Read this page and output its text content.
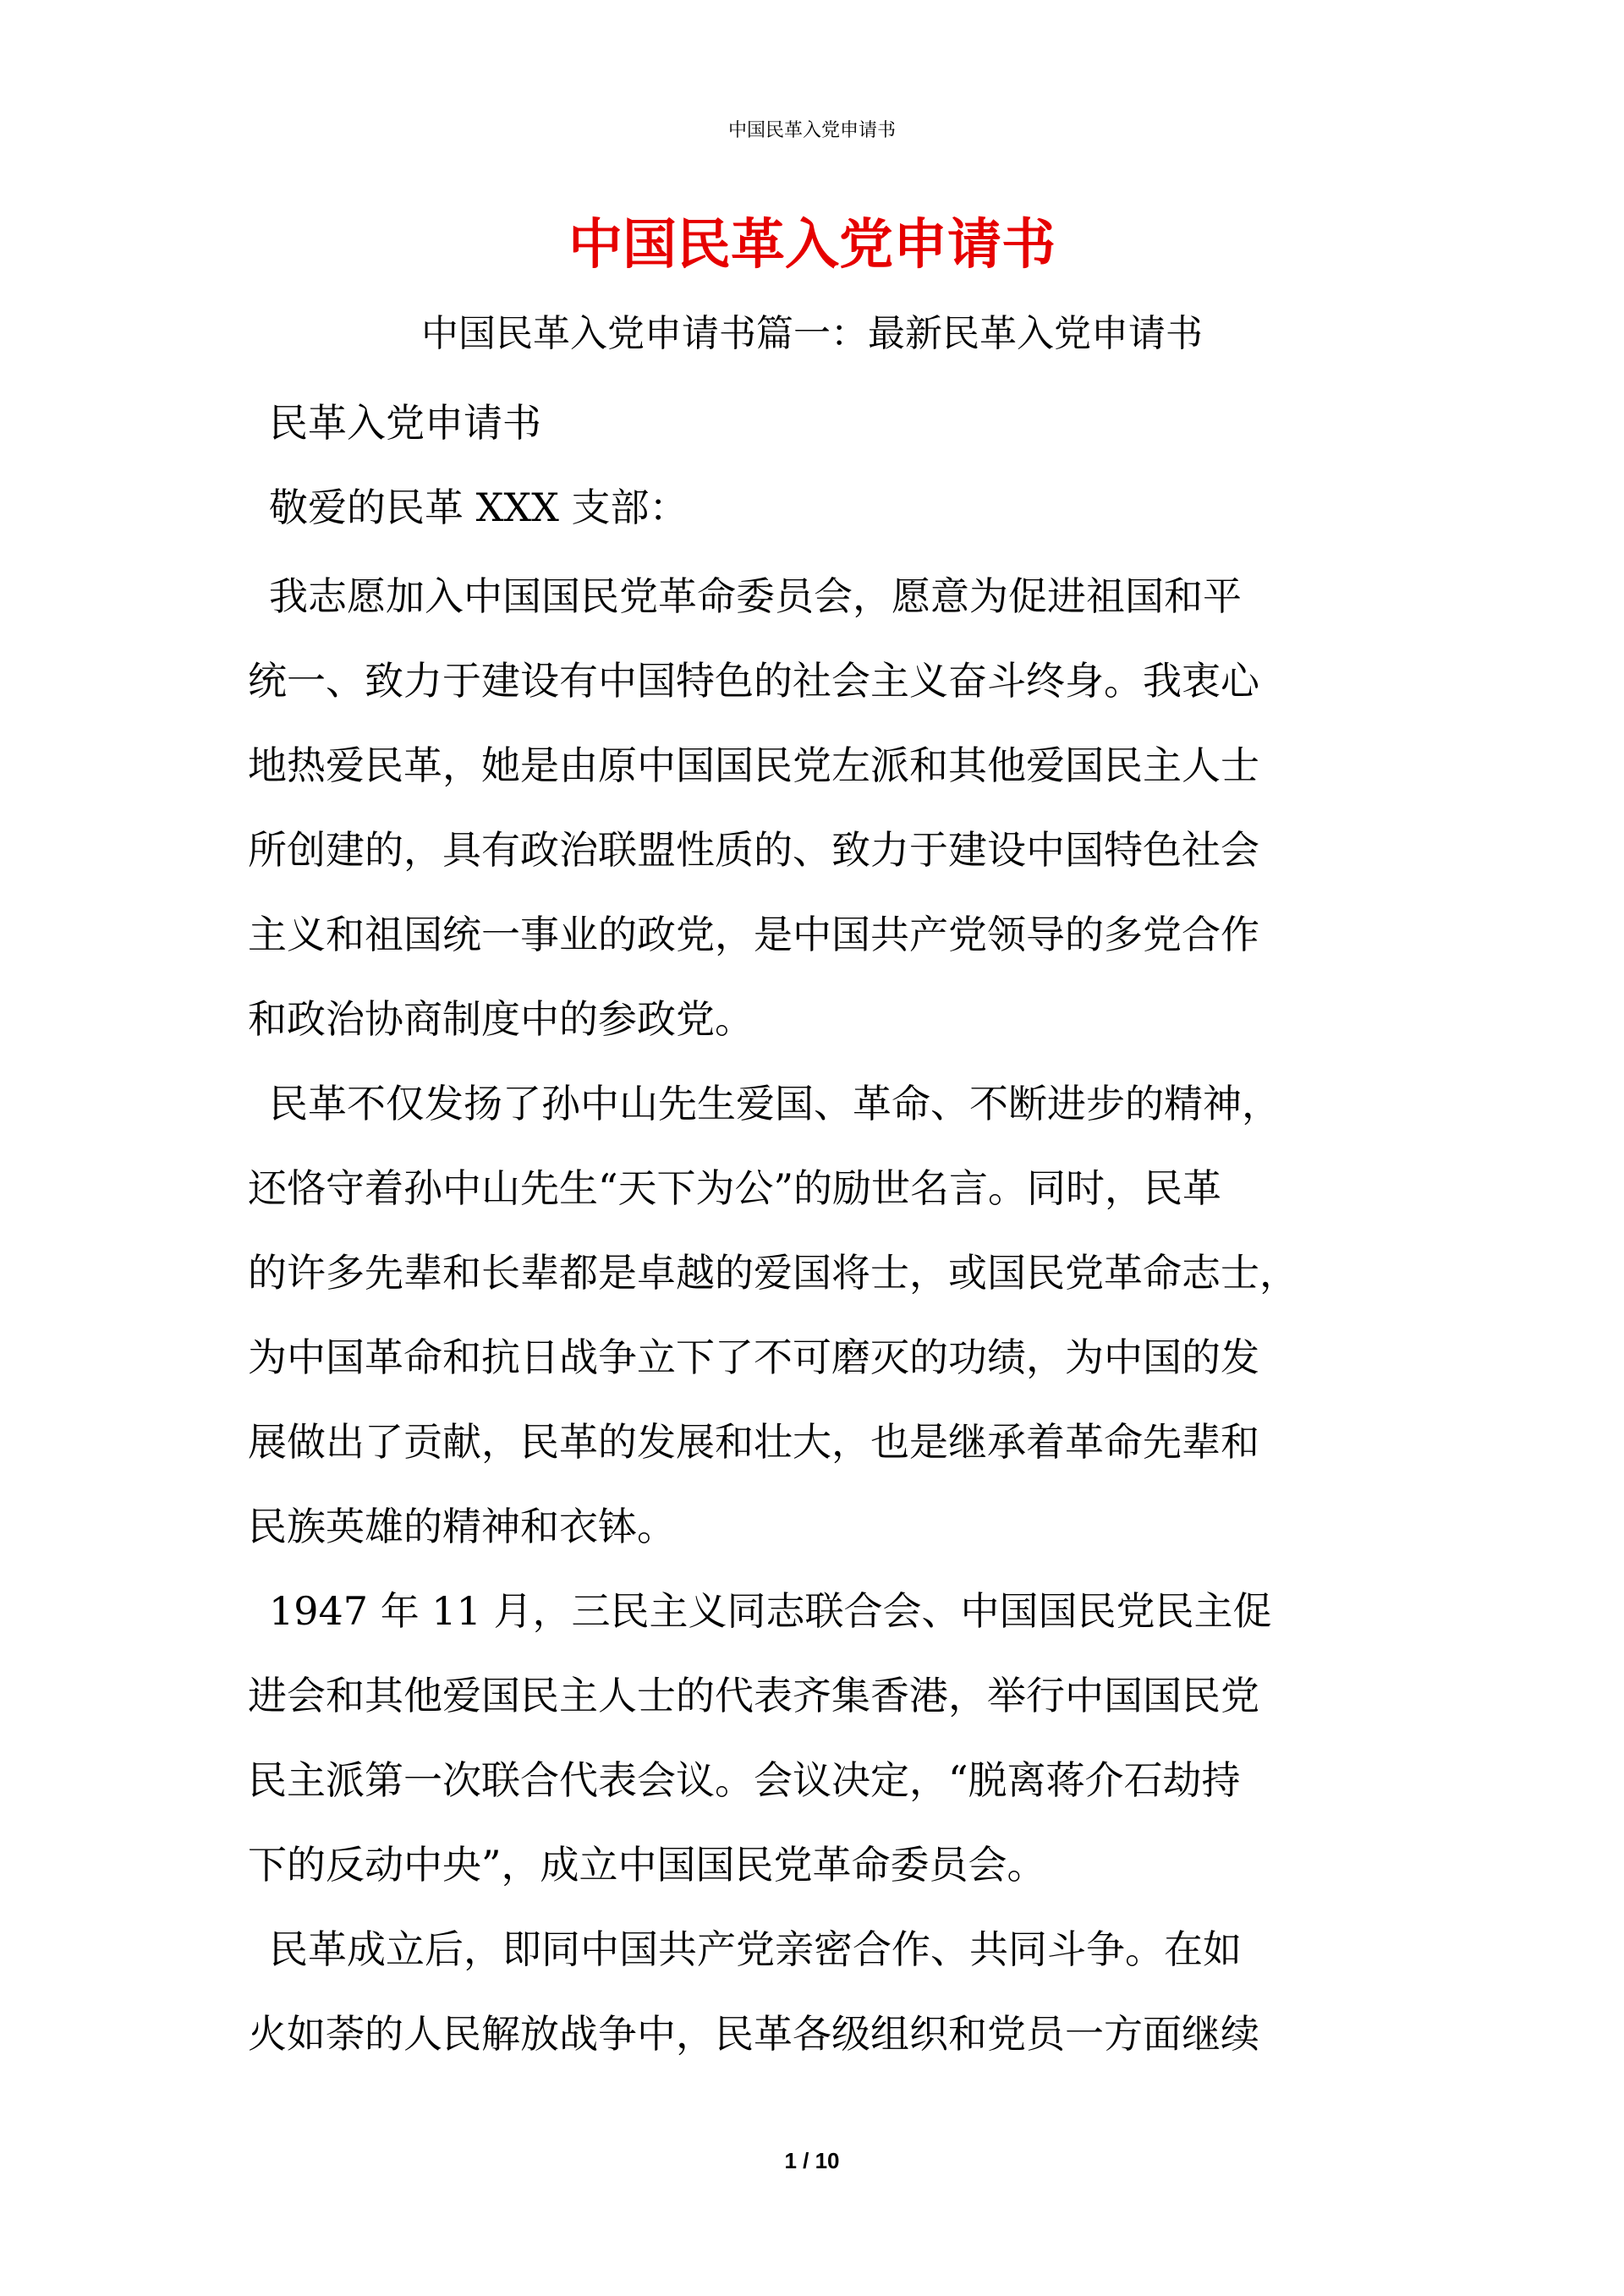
中国民革入党申请书
中国民革入党申请书
中国民革入党申请书篇一：最新民革入党申请书
民革入党申请书
敬爱的民革 XXX 支部：
我志愿加入中国国民党革命委员会，愿意为促进祖国和平
统一、致力于建设有中国特色的社会主义奋斗终身。我衷心
地热爱民革，她是由原中国国民党左派和其他爱国民主人士
所创建的，具有政治联盟性质的、致力于建设中国特色社会
主义和祖国统一事业的政党，是中国共产党领导的多党合作
和政治协商制度中的参政党。
民革不仅发扬了孙中山先生爱国、革命、不断进步的精神，
还恪守着孙中山先生“天下为公”的励世名言。同时，民革
的许多先辈和长辈都是卓越的爱国将士，或国民党革命志士，
为中国革命和抗日战争立下了不可磨灭的功绩，为中国的发
展做出了贡献，民革的发展和壮大，也是继承着革命先辈和
民族英雄的精神和衣钵。
1947 年 11 月，三民主义同志联合会、中国国民党民主促
进会和其他爱国民主人士的代表齐集香港，举行中国国民党
民主派第一次联合代表会议。会议决定，“脱离蒋介石劫持
下的反动中央”，成立中国国民党革命委员会。
民革成立后，即同中国共产党亲密合作、共同斗争。在如
火如荼的人民解放战争中，民革各级组织和党员一方面继续
1 / 10
